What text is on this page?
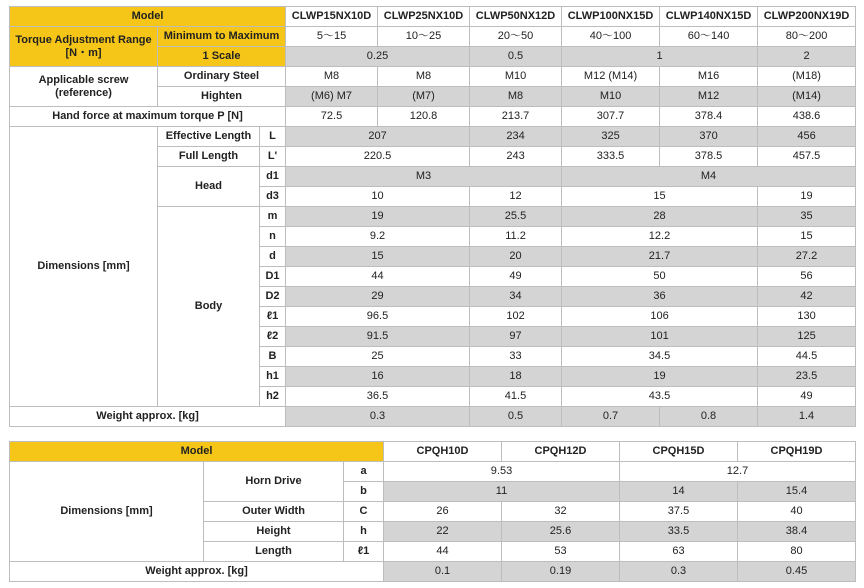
Model			CLWP15NX10D	CLWP25NX10D	CLWP50NX12D	CLWP100NX15D	CLWP140NX15D	CLWP200NX19D

Torque Adjustment Range
[N・m]	Minimum to Maximum		5～15	10～25	20～50	40～100	60～140	80～200
	1 Scale		0.25		0.5	1		2

Applicable screw
(reference)	Ordinary Steel		M8	M8	M10	M12 (M14)	M16	(M18)
	Highten		(M6) M7	(M7)	M8	M10	M12	(M14)
Hand force at maximum torque P [N]			72.5	120.8	213.7	307.7	378.4	438.6
Dimensions [mm]	Effective Length	L	207		234	325	370	456
	Full Length	L'	220.5		243	333.5	378.5	457.5
	Head	d1	M3			M4		
		d3	10		12	15		19
	Body	m	19		25.5	28		35
		n	9.2		11.2	12.2		15
		d	15		20	21.7		27.2
		D1	44		49	50		56
		D2	29		34	36		42
		ℓ1	96.5		102	106		130
		ℓ2	91.5		97	101		125
		B	25		33	34.5		44.5
		h1	16		18	19		23.5
		h2	36.5		41.5	43.5		49
Weight approx. [kg]			0.3		0.5	0.7	0.8	1.4
Model			CPQH10D	CPQH12D	CPQH15D	CPQH19D
Dimensions [mm]	Horn Drive	a	9.53		12.7	
		b	11		14	15.4
	Outer Width	C	26	32	37.5	40
	Height	h	22	25.6	33.5	38.4
	Length	ℓ1	44	53	63	80
Weight approx. [kg]			0.1	0.19	0.3	0.45
